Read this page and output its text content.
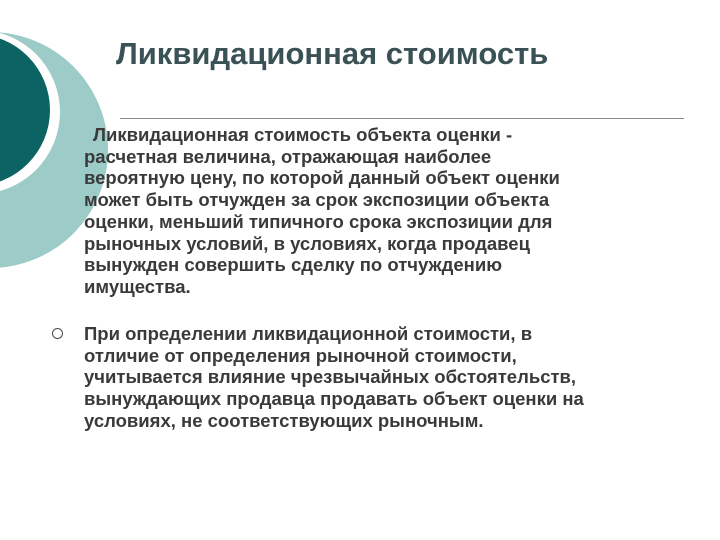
Ликвидационная стоимость

Ликвидационная стоимость объекта оценки -
расчетная величина, отражающая наиболее
вероятную цену, по которой данный объект оценки
может быть отчужден за срок экспозиции объекта
оценки, меньший типичного срока экспозиции для
рыночных условий, в условиях, когда продавец
вынужден совершить сделку по отчуждению
имущества.

При определении ликвидационной стоимости, в
отличие от определения рыночной стоимости,
учитывается влияние чрезвычайных обстоятельств,
вынуждающих продавца продавать объект оценки на
условиях, не соответствующих рыночным.
